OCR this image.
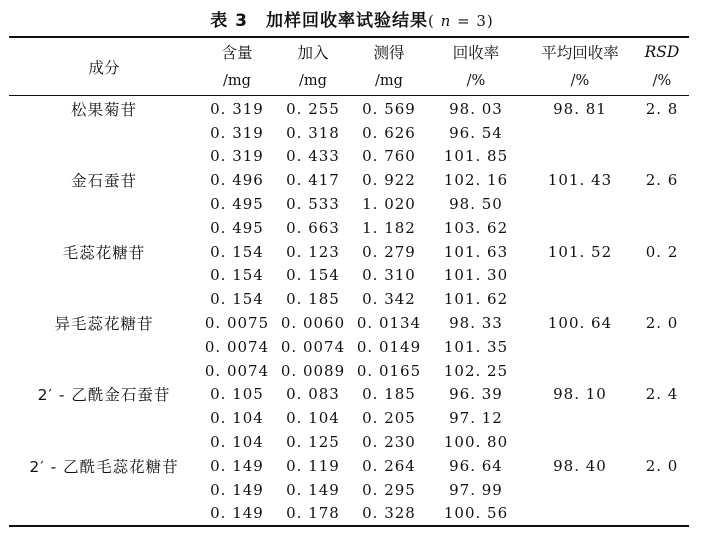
表 3　加样回收率试验结果( n = 3)
成分	含量	加入	测得	回收率	平均回收率	RSD
	/mg	/mg	/mg	/%	/%	/%
松果菊苷	0. 319	0. 255	0. 569	98. 03	98. 81	2. 8
	0. 319	0. 318	0. 626	96. 54		
	0. 319	0. 433	0. 760	101. 85		
金石蚕苷	0. 496	0. 417	0. 922	102. 16	101. 43	2. 6
	0. 495	0. 533	1. 020	98. 50		
	0. 495	0. 663	1. 182	103. 62		
毛蕊花糖苷	0. 154	0. 123	0. 279	101. 63	101. 52	0. 2
	0. 154	0. 154	0. 310	101. 30		
	0. 154	0. 185	0. 342	101. 62		
异毛蕊花糖苷	0. 0075	0. 0060	0. 0134	98. 33	100. 64	2. 0
	0. 0074	0. 0074	0. 0149	101. 35		
	0. 0074	0. 0089	0. 0165	102. 25		
2′ - 乙酰金石蚕苷	0. 105	0. 083	0. 185	96. 39	98. 10	2. 4
	0. 104	0. 104	0. 205	97. 12		
	0. 104	0. 125	0. 230	100. 80		
2′ - 乙酰毛蕊花糖苷	0. 149	0. 119	0. 264	96. 64	98. 40	2. 0
	0. 149	0. 149	0. 295	97. 99		
	0. 149	0. 178	0. 328	100. 56		
